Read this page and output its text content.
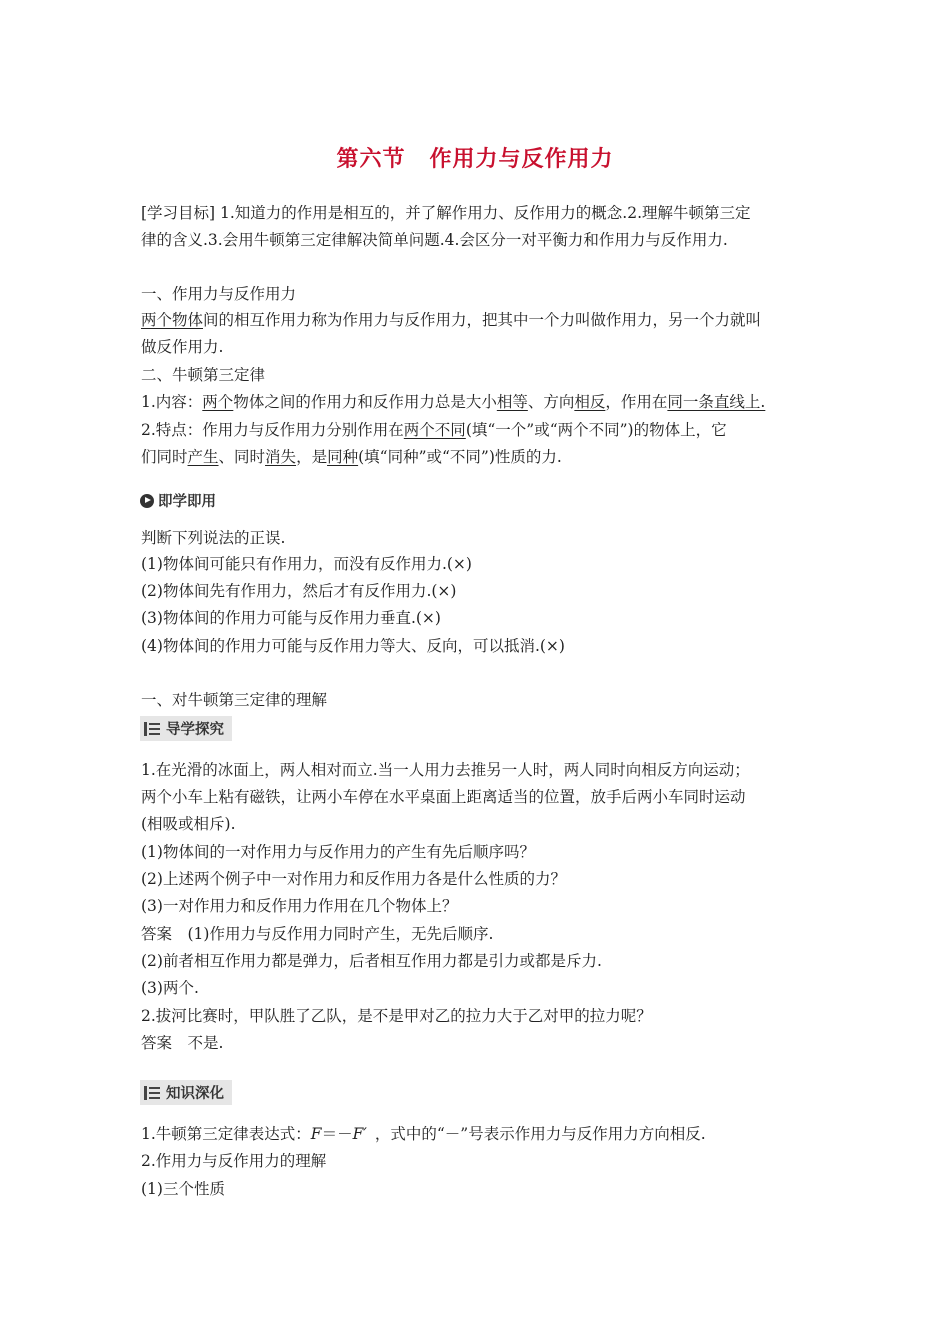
第六节 作用力与反作用力
[学习目标] 1.知道力的作用是相互的，并了解作用力、反作用力的概念.2.理解牛顿第三定
律的含义.3.会用牛顿第三定律解决简单问题.4.会区分一对平衡力和作用力与反作用力.
一、作用力与反作用力
两个物体间的相互作用力称为作用力与反作用力，把其中一个力叫做作用力，另一个力就叫
做反作用力.
二、牛顿第三定律
1.内容：两个物体之间的作用力和反作用力总是大小相等、方向相反，作用在同一条直线上.
2.特点：作用力与反作用力分别作用在两个不同(填“一个”或“两个不同”)的物体上，它
们同时产生、同时消失，是同种(填“同种”或“不同”)性质的力.
即学即用
判断下列说法的正误.
(1)物体间可能只有作用力，而没有反作用力.(×)
(2)物体间先有作用力，然后才有反作用力.(×)
(3)物体间的作用力可能与反作用力垂直.(×)
(4)物体间的作用力可能与反作用力等大、反向，可以抵消.(×)
一、对牛顿第三定律的理解
导学探究
1.在光滑的冰面上，两人相对而立.当一人用力去推另一人时，两人同时向相反方向运动；
两个小车上粘有磁铁，让两小车停在水平桌面上距离适当的位置，放手后两小车同时运动
(相吸或相斥).
(1)物体间的一对作用力与反作用力的产生有先后顺序吗？
(2)上述两个例子中一对作用力和反作用力各是什么性质的力？
(3)一对作用力和反作用力作用在几个物体上？
答案　(1)作用力与反作用力同时产生，无先后顺序.
(2)前者相互作用力都是弹力，后者相互作用力都是引力或都是斥力.
(3)两个.
2.拔河比赛时，甲队胜了乙队，是不是甲对乙的拉力大于乙对甲的拉力呢？
答案　不是.
知识深化
1.牛顿第三定律表达式：F＝－F′ ，式中的“－”号表示作用力与反作用力方向相反.
2.作用力与反作用力的理解
(1)三个性质
